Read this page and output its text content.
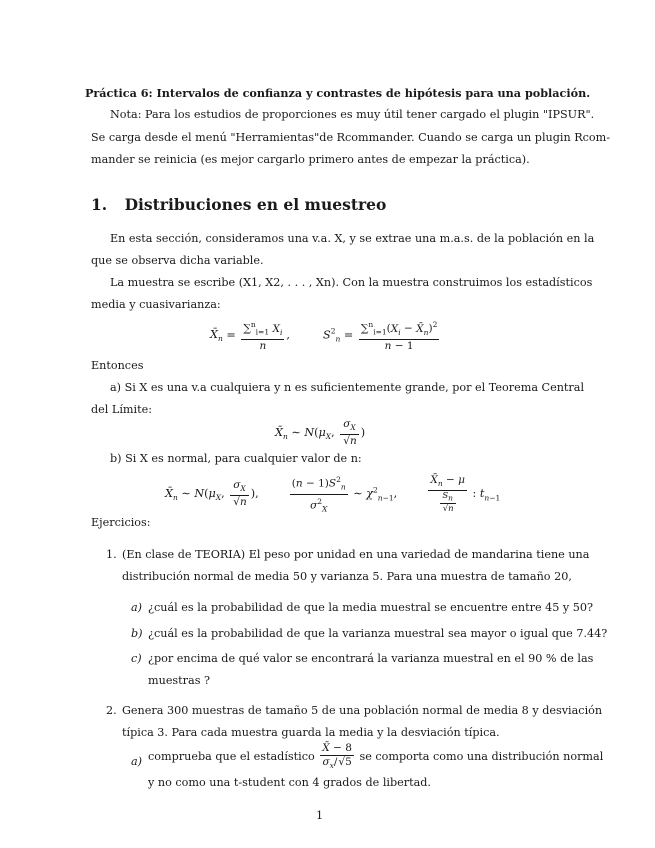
Práctica 6: Intervalos de confianza y contrastes de hipótesis para una población.
Nota: Para los estudios de proporciones es muy útil tener cargado el plugin "IPSUR".
Se carga desde el menú "Herramientas"de Rcommander. Cuando se carga un plugin Rcom-
mander se reinicia (es mejor cargarlo primero antes de empezar la práctica).
1. Distribuciones en el muestreo
En esta sección, consideramos una v.a. X, y se extrae una m.a.s. de la población en la
que se observa dicha variable.
La muestra se escribe (X1, X2, . . . , Xn). Con la muestra construimos los estadísticos
media y cuasivarianza:
$X̄_n = \frac{\sum^n_{i=1} X_i}{n}$ ,	$S^2_n = \frac{\sum^n_{i=1}(X_i - X̄_n)^2}{n - 1}$
Entonces
a) Si X es una v.a cualquiera y n es suficientemente grande, por el Teorema Central
del Límite:
$X̄_n$ ∼ $N(\mu_X$, $\frac{\sigma_X}{√n}$ )
b) Si X es normal, para cualquier valor de n:
$X̄_n$ ∼ $N(\mu_X$, $\frac{\sigma_X}{√n}$ ),	$\frac{(n - 1)S^2_n}{\sigma^2_X}$ ∼ $\chi^2_{n-1}$,	$\frac{X̄_n - \mu}{\frac{S_n}{√n}}$ : $t_{n-1}$
Ejercicios:
1. (En clase de TEORIA) El peso por unidad en una variedad de mandarina tiene una
distribución normal de media 50 y varianza 5. Para una muestra de tamaño 20,
a) ¿cuál es la probabilidad de que la media muestral se encuentre entre 45 y 50?
b) ¿cuál es la probabilidad de que la varianza muestral sea mayor o igual que 7.44?
c) ¿por encima de qué valor se encontrará la varianza muestral en el 90 % de las
muestras ?
2. Genera 300 muestras de tamaño 5 de una población normal de media 8 y desviación
típica 3. Para cada muestra guarda la media y la desviación típica.
a) comprueba que el estadístico $\frac{X̄ - 8}{\sigma_x/√5}$ se comporta como una distribución normal
y no como una t-student con 4 grados de libertad.
1
